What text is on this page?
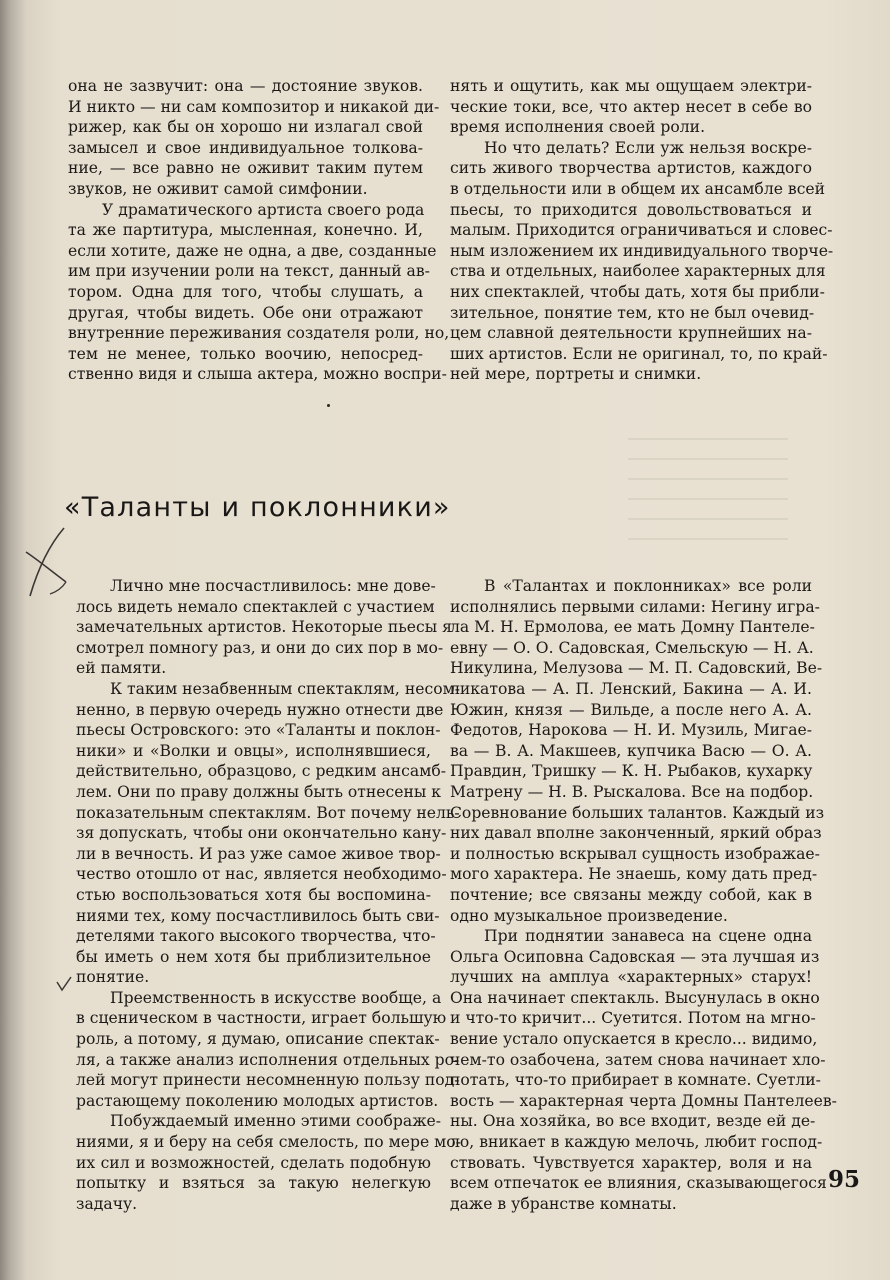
она не зазвучит: она — достояние звуков.
И никто — ни сам композитор и никакой ди-
рижер, как бы он хорошо ни излагал свой
замысел и свое индивидуальное толкова-
ние, — все равно не оживит таким путем
звуков, не оживит самой симфонии.
У драматического артиста своего рода
та же партитура, мысленная, конечно. И,
если хотите, даже не одна, а две, созданные
им при изучении роли на текст, данный ав-
тором. Одна для того, чтобы слушать, а
другая, чтобы видеть. Обе они отражают
внутренние переживания создателя роли, но,
тем не менее, только воочию, непосред-
ственно видя и слыша актера, можно воспри-
нять и ощутить, как мы ощущаем электри-
ческие токи, все, что актер несет в себе во
время исполнения своей роли.
Но что делать? Если уж нельзя воскре-
сить живого творчества артистов, каждого
в отдельности или в общем их ансамбле всей
пьесы, то приходится довольствоваться и
малым. Приходится ограничиваться и словес-
ным изложением их индивидуального творче-
ства и отдельных, наиболее характерных для
них спектаклей, чтобы дать, хотя бы прибли-
зительное, понятие тем, кто не был очевид-
цем славной деятельности крупнейших на-
ших артистов. Если не оригинал, то, по край-
ней мере, портреты и снимки.
«Таланты и поклонники»
Лично мне посчастливилось: мне дове-
лось видеть немало спектаклей с участием
замечательных артистов. Некоторые пьесы я
смотрел помногу раз, и они до сих пор в мо-
ей памяти.
К таким незабвенным спектаклям, несом-
ненно, в первую очередь нужно отнести две
пьесы Островского: это «Таланты и поклон-
ники» и «Волки и овцы», исполнявшиеся,
действительно, образцово, с редким ансамб-
лем. Они по праву должны быть отнесены к
показательным спектаклям. Вот почему нель-
зя допускать, чтобы они окончательно кану-
ли в вечность. И раз уже самое живое твор-
чество отошло от нас, является необходимо-
стью воспользоваться хотя бы воспомина-
ниями тех, кому посчастливилось быть сви-
детелями такого высокого творчества, что-
бы иметь о нем хотя бы приблизительное
понятие.
Преемственность в искусстве вообще, а
в сценическом в частности, играет большую
роль, а потому, я думаю, описание спектак-
ля, а также анализ исполнения отдельных ро-
лей могут принести несомненную пользу под-
растающему поколению молодых артистов.
Побуждаемый именно этими соображе-
ниями, я и беру на себя смелость, по мере мо-
их сил и возможностей, сделать подобную
попытку и взяться за такую нелегкую
задачу.
В «Талантах и поклонниках» все роли
исполнялись первыми силами: Негину игра-
ла М. Н. Ермолова, ее мать Домну Пантеле-
евну — О. О. Садовская, Смельскую — Н. А.
Никулина, Мелузова — М. П. Садовский, Ве-
ликатова — А. П. Ленский, Бакина — А. И.
Южин, князя — Вильде, а после него А. А.
Федотов, Нарокова — Н. И. Музиль, Мигае-
ва — В. А. Макшеев, купчика Васю — О. А.
Правдин, Тришку — К. Н. Рыбаков, кухарку
Матрену — Н. В. Рыскалова. Все на подбор.
Соревнование больших талантов. Каждый из
них давал вполне законченный, яркий образ
и полностью вскрывал сущность изображае-
мого характера. Не знаешь, кому дать пред-
почтение; все связаны между собой, как в
одно музыкальное произведение.
При поднятии занавеса на сцене одна
Ольга Осиповна Садовская — эта лучшая из
лучших на амплуа «характерных» старух!
Она начинает спектакль. Высунулась в окно
и что-то кричит... Суетится. Потом на мгно-
вение устало опускается в кресло... видимо,
чем-то озабочена, затем снова начинает хло-
потать, что-то прибирает в комнате. Суетли-
вость — характерная черта Домны Пантелеев-
ны. Она хозяйка, во все входит, везде ей де-
ло, вникает в каждую мелочь, любит господ-
ствовать. Чувствуется характер, воля и на
всем отпечаток ее влияния, сказывающегося
даже в убранстве комнаты.
95
